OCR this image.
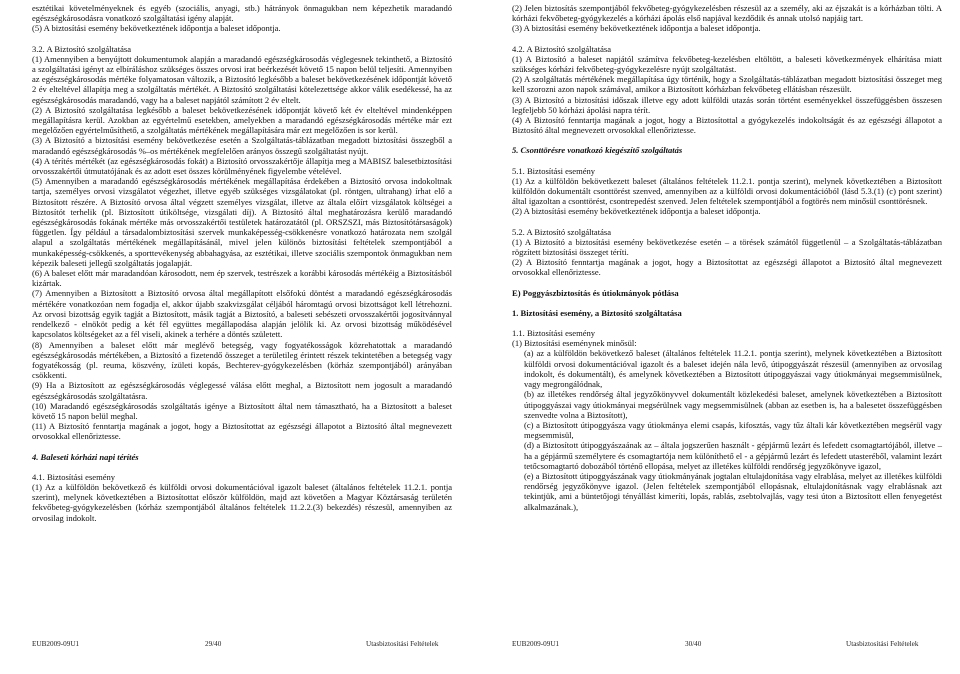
esztétikai követelményeknek és egyéb (szociális, anyagi, stb.) hátrányok önmagukban nem képezhetik maradandó egészségkárosodásra vonatkozó szolgáltatási igény alapját.

(5) A biztosítási esemény bekövetkeztének időpontja a baleset időpontja.

3.2. A Biztosító szolgáltatása

(1) Amennyiben a benyújtott dokumentumok alapján a maradandó egészségkárosodás véglegesnek tekinthető, a Biztosító a szolgáltatási igényt az elbíráláshoz szükséges összes orvosi irat beérkezését követő 15 napon belül teljesíti. Amennyiben az egészségkárosodás mértéke folyamatosan változik, a Biztosító legkésőbb a baleset bekövetkezésének időpontját követő 2 év elteltével állapítja meg a szolgáltatás mértékét. A Biztosító szolgáltatási kötelezettsége akkor válik esedékessé, ha az egészségkárosodás maradandó, vagy ha a baleset napjától számított 2 év eltelt.

(2) A Biztosító szolgáltatása legkésőbb a baleset bekövetkezésének időpontját követő két év elteltével mindenképpen megállapításra kerül. Azokban az egyértelmű esetekben, amelyekben a maradandó egészségkárosodás mértéke már ezt megelőzően egyértelműsíthető, a szolgáltatás mértékének megállapítására már ezt megelőzően is sor kerül.

(3) A Biztosító a biztosítási esemény bekövetkezése esetén a Szolgáltatás-táblázatban megadott biztosítási összegből a maradandó egészségkárosodás %–os mértékének megfelelően arányos összegű szolgáltatást nyújt.

(4) A térítés mértékét (az egészségkárosodás fokát) a Biztosító orvosszakértője állapítja meg a MABISZ balesetbiztosítási orvosszakértői útmutatójának és az adott eset összes körülményének figyelembe vételével.

(5) Amennyiben a maradandó egészségkárosodás mértékének megállapítása érdekében a Biztosító orvosa indokoltnak tartja, személyes orvosi vizsgálatot végezhet, illetve egyéb szükséges vizsgálatokat (pl. röntgen, ultrahang) írhat elő a Biztosított részére. A Biztosító orvosa által végzett személyes vizsgálat, illetve az általa előírt vizsgálatok költségei a Biztosítót terhelik (pl. Biztosított útiköltsége, vizsgálati díj). A Biztosító által meghatározásra kerülő maradandó egészségkárosodás fokának mértéke más orvosszakértői testületek határozatától (pl. ORSZSZI, más Biztosítótársaságok) független. Így például a társadalombiztosítási szervek munkaképesség-csökkenésre vonatkozó határozata nem szolgál alapul a szolgáltatás mértékének megállapításánál, mivel jelen különös biztosítási feltételek szempontjából a munkaképesség-csökkenés, a sporttevékenység abbahagyása, az esztétikai, illetve szociális szempontok önmagukban nem képezik baleseti jellegű szolgáltatás jogalapját.

(6) A baleset előtt már maradandóan károsodott, nem ép szervek, testrészek a korábbi károsodás mértékéig a Biztosításból kizártak.

(7) Amennyiben a Biztosított a Biztosító orvosa által megállapított elsőfokú döntést a maradandó egészségkárosodás mértékére vonatkozóan nem fogadja el, akkor újabb szakvizsgálat céljából háromtagú orvosi bizottságot kell létrehozni. Az orvosi bizottság egyik tagját a Biztosított, másik tagját a Biztosító, a baleseti sebészeti orvosszakértői jogosítvánnyal rendelkező - elnököt pedig a két fél együttes megállapodása alapján jelölik ki. Az orvosi bizottság működésével kapcsolatos költségeket az a fél viseli, akinek a terhére a döntés született.

(8) Amennyiben a baleset előtt már meglévő betegség, vagy fogyatékosságok közrehatottak a maradandó egészségkárosodás mértékében, a Biztosító a fizetendő összeget a területileg érintett részek tekintetében a betegség vagy fogyatékosság (pl. reuma, köszvény, ízületi kopás, Bechterev-gyógykezelésben (körház szempontjából) arányában csökkenti.

(9) Ha a Biztosított az egészségkárosodás véglegessé válása előtt meghal, a Biztosított nem jogosult a maradandó egészségkárosodás szolgáltatásra.

(10) Maradandó egészségkárosodás szolgáltatás igénye a Biztosított által nem támasztható, ha a Biztosított a baleset követő 15 napon belül meghal.

(11) A Biztosító fenntartja magának a jogot, hogy a Biztosítottat az egészségi állapotot a Biztosító által megnevezett orvosokkal ellenőriztesse.

4. Baleseti kórházi napi térítés

4.1. Biztosítási esemény

(1) Az a külföldön bekövetkező és külföldi orvosi dokumentációval igazolt baleset (általános feltételek 11.2.1. pontja szerint), melynek következtében a Biztosítottat először külföldön, majd azt követően a Magyar Köztársaság területén fekvőbeteg-gyógykezelésben (kórház szempontjából általános feltételek 11.2.2.(3) bekezdés) részesül, amennyiben az orvosilag indokolt.

EUB2009-09U1	29/40	Utasbiztosítási Feltételek

(2) Jelen biztosítás szempontjából fekvőbeteg-gyógykezelésben részesül az a személy, aki az éjszakát is a kórházban tölti. A kórházi fekvőbeteg-gyógykezelés a kórházi ápolás első napjával kezdődik és annak utolsó napjáig tart.

(3) A biztosítási esemény bekövetkeztének időpontja a baleset időpontja.

4.2. A Biztosító szolgáltatása

(1) A Biztosító a baleset napjától számítva fekvőbeteg-kezelésben eltöltött, a baleseti következmények elhárítása miatt szükséges kórházi fekvőbeteg-gyógykezelésre nyújt szolgáltatást.

(2) A szolgáltatás mértékének megállapítása úgy történik, hogy a Szolgáltatás-táblázatban megadott biztosítási összeget meg kell szorozni azon napok számával, amikor a Biztosított kórházban fekvőbeteg ellátásban részesült.

(3) A Biztosító a biztosítási időszak illetve egy adott külföldi utazás során történt eseményekkel összefüggésben összesen legfeljebb 50 kórházi ápolási napra térít.

(4) A Biztosító fenntartja magának a jogot, hogy a Biztosítottal a gyógykezelés indokoltságát és az egészségi állapotot a Biztosító által megnevezett orvosokkal ellenőriztesse.

5. Csonttörésre vonatkozó kiegészítő szolgáltatás

5.1. Biztosítási esemény

(1) Az a külföldön bekövetkezett baleset (általános feltételek 11.2.1. pontja szerint), melynek következtében a Biztosított külföldön dokumentált csonttörést szenved, amennyiben az a külföldi orvosi dokumentációból (lásd 5.3.(1) (c) pont szerint) által igazoltan a csonttörést, csontrepedést szenved. Jelen feltételek szempontjából a fogtörés nem minősül csonttörésnek.

(2) A biztosítási esemény bekövetkeztének időpontja a baleset időpontja.

5.2. A Biztosító szolgáltatása

(1) A Biztosító a biztosítási esemény bekövetkezése esetén – a törések számától függetlenül – a Szolgáltatás-táblázatban rögzített biztosítási összeget téríti.

(2) A Biztosító fenntartja magának a jogot, hogy a Biztosítottat az egészségi állapotot a Biztosító által megnevezett orvosokkal ellenőriztesse.

E) Poggyászbiztosítás és útiokmányok pótlása

1. Biztosítási esemény, a Biztosító szolgáltatása

1.1. Biztosítási esemény

(1) Biztosítási eseménynek minősül:

(a) az a külföldön bekövetkező baleset (általános feltételek 11.2.1. pontja szerint), melynek következtében a Biztosított külföldi orvosi dokumentációval igazolt és a baleset idején nála levő, útipoggyászát részesül (amennyiben az orvosilag indokolt, és dokumentált), és amelynek következtében a Biztosított útipoggyászai vagy útiokmányai megsemmisülnek, vagy megrongálódnak,

(b) az illetékes rendőrség által jegyzőkönyvvel dokumentált közlekedési baleset, amelynek következtében a Biztosított útipoggyászai vagy útiokmányai megsérülnek vagy megsemmisülnek (abban az esetben is, ha a balesetet összefüggésben szenvedte volna a Biztosított),

(c) a Biztosított útipoggyásza vagy útiokmánya elemi csapás, kifosztás, vagy tűz általi kár következtében megsérül vagy megsemmisül,

(d) a Biztosított útipoggyászaának az – általa jogszerűen használt - gépjármű lezárt és lefedett csomagtartójából, illetve – ha a gépjármű személytere és csomagtartója nem különíthető el - a gépjármű lezárt és lefedett utasteréből, valamint lezárt tetőcsomagtartó dobozából történő ellopása, melyet az illetékes külföldi rendőrség jegyzőkönyve igazol,

(e) a Biztosított útipoggyászának vagy útiokmányának jogtalan eltulajdonítása vagy elrablása, melyet az illetékes külföldi rendőrség jegyzőkönyve igazol. (Jelen feltételek szempontjából ellopásnak, eltulajdonításnak vagy elrablásnak azt tekintjük, ami a büntetőjogi tényállást kimeríti, lopás, rablás, zsebtolvajlás, vagy tesi úton a Biztosított ellen fenyegetést alkalmazának.),

EUB2009-09U1	30/40	Utasbiztosítási Feltételek
